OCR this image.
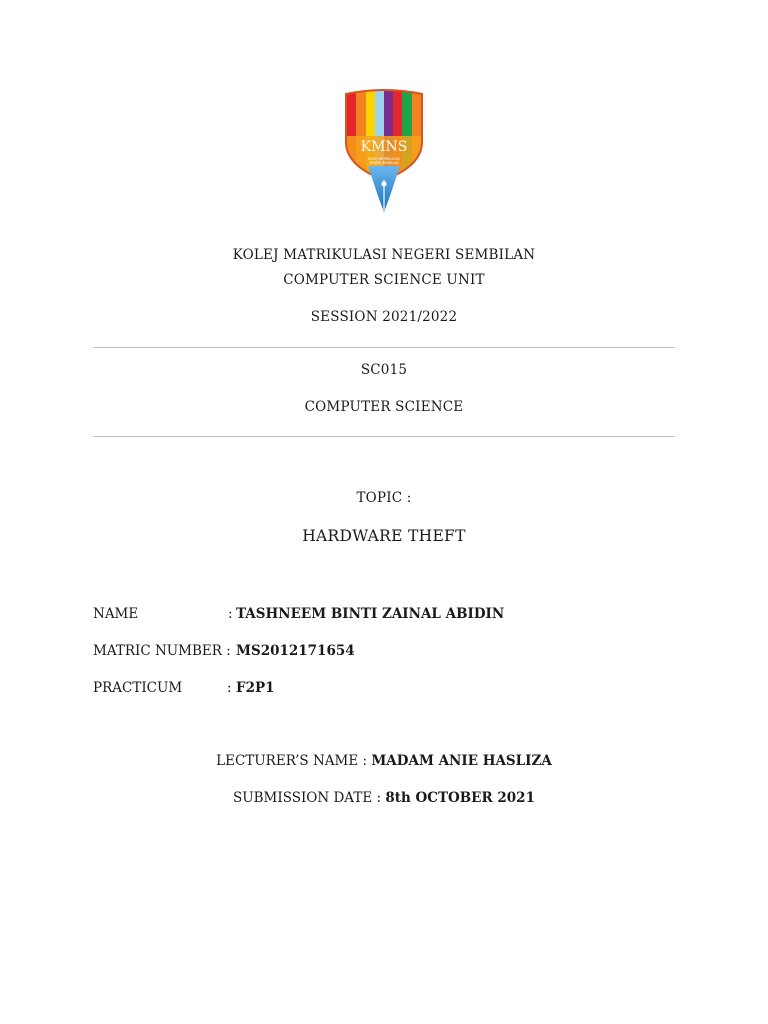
KMNS
KOLEJ MATRIKULASI
NEGERI SEMBILAN
KOLEJ MATRIKULASI NEGERI SEMBILAN
COMPUTER SCIENCE UNIT
SESSION 2021/2022
SC015
COMPUTER SCIENCE
TOPIC :
HARDWARE THEFT
NAME	: TASHNEEM BINTI ZAINAL ABIDIN
MATRIC NUMBER : MS2012171654
PRACTICUM	: F2P1
LECTURER’S NAME : MADAM ANIE HASLIZA
SUBMISSION DATE : 8th OCTOBER 2021
